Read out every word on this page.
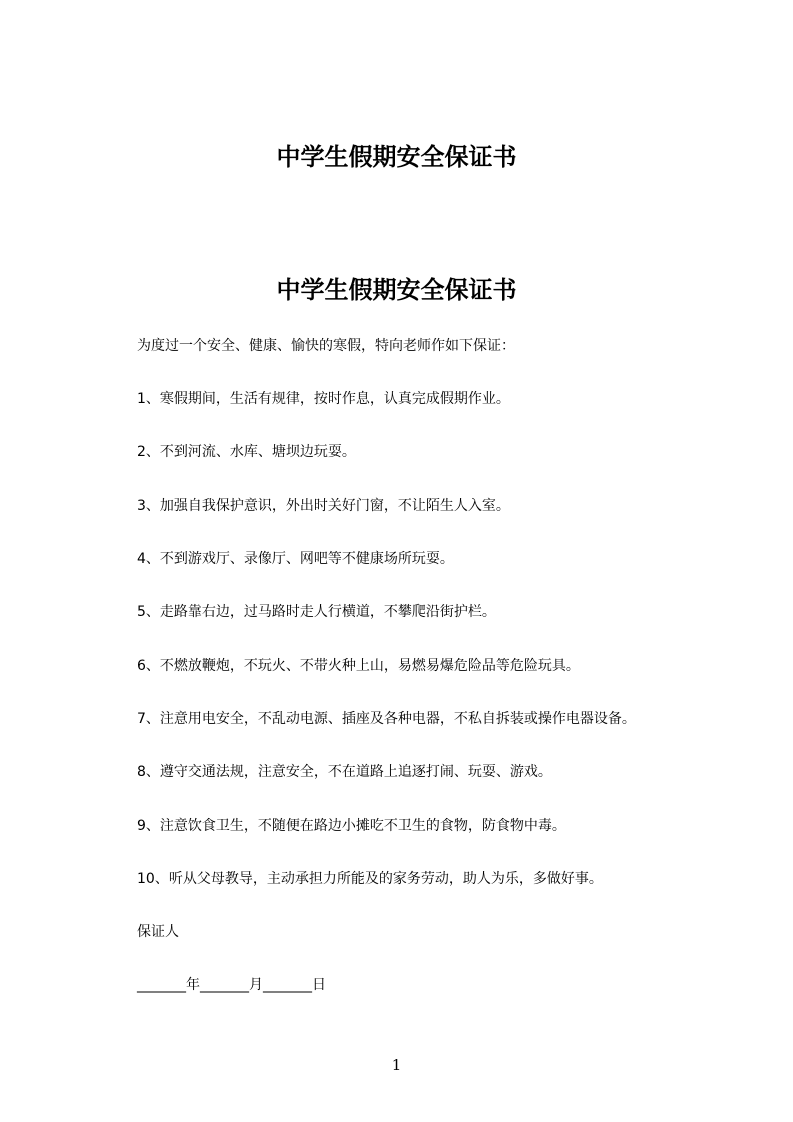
中学生假期安全保证书
中学生假期安全保证书

为度过一个安全、健康、愉快的寒假，特向老师作如下保证：

1、寒假期间，生活有规律，按时作息，认真完成假期作业。

2、不到河流、水库、塘坝边玩耍。

3、加强自我保护意识，外出时关好门窗，不让陌生人入室。

4、不到游戏厅、录像厅、网吧等不健康场所玩耍。

5、走路靠右边，过马路时走人行横道，不攀爬沿街护栏。

6、不燃放鞭炮，不玩火、不带火种上山，易燃易爆危险品等危险玩具。

7、注意用电安全，不乱动电源、插座及各种电器，不私自拆装或操作电器设备。

8、遵守交通法规，注意安全，不在道路上追逐打闹、玩耍、游戏。

9、注意饮食卫生，不随便在路边小摊吃不卫生的食物，防食物中毒。

10、听从父母教导，主动承担力所能及的家务劳动，助人为乐，多做好事。

保证人

_______年_______月_______日

1
